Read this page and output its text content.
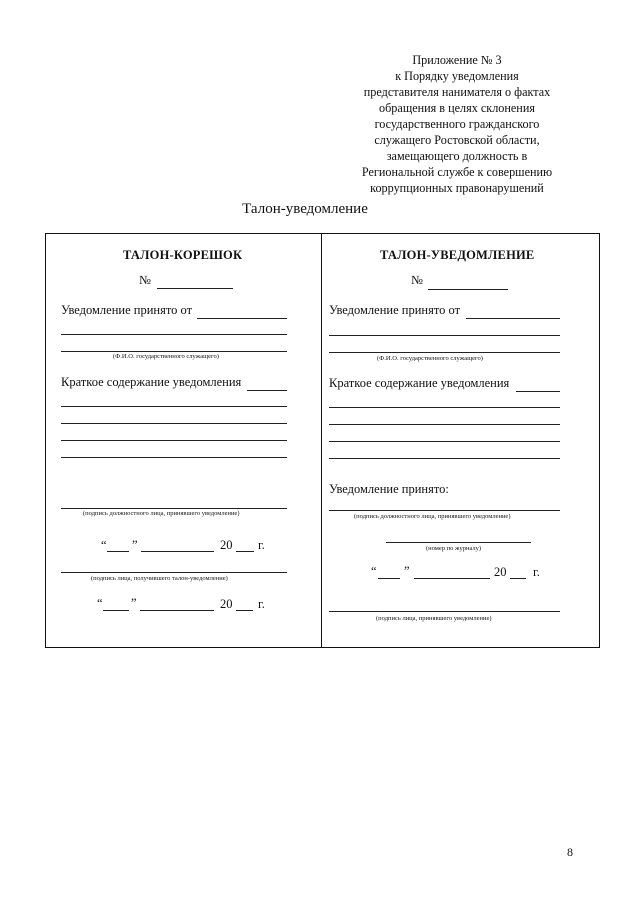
Приложение № 3
к Порядку уведомления
представителя нанимателя о фактах
обращения в целях склонения
государственного гражданского
служащего Ростовской области,
замещающего должность в
Региональной службе к совершению
коррупционных правонарушений
Талон-уведомление
ТАЛОН-КОРЕШОК
№
Уведомление принято от
(Ф.И.О. государственного служащего)
Краткое содержание уведомления
(подпись должностного лица, принявшего уведомление)
“ ”	20 г.
(подпись лица, получившего талон-уведомление)
“ ”	20 г.
ТАЛОН-УВЕДОМЛЕНИЕ
№
Уведомление принято от
(Ф.И.О. государственного служащего)
Краткое содержание уведомления
Уведомление принято:
(подпись должностного лица, принявшего уведомление)
(номер по журналу)
“ ”	20 г.
(подпись лица, принявшего уведомление)
8
